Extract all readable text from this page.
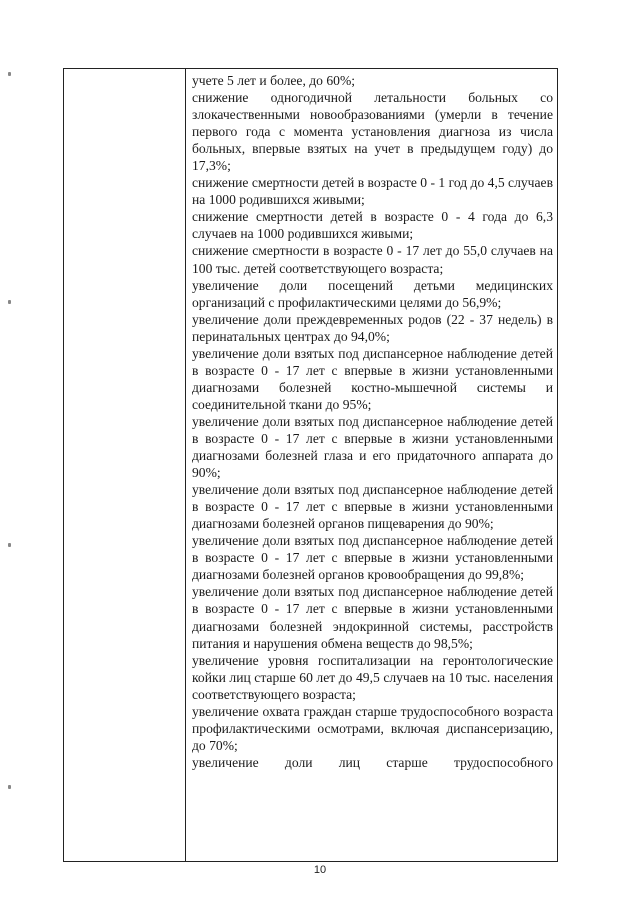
учете 5 лет и более, до 60%;

снижение одногодичной летальности больных со злокачественными новообразованиями (умерли в течение первого года с момента установления диагноза из числа больных, впервые взятых на учет в предыдущем году) до 17,3%;

снижение смертности детей в возрасте 0 - 1 год до 4,5 случаев на 1000 родившихся живыми;

снижение смертности детей в возрасте 0 - 4 года до 6,3 случаев на 1000 родившихся живыми;

снижение смертности в возрасте 0 - 17 лет до 55,0 случаев на 100 тыс. детей соответствующего возраста;

увеличение доли посещений детьми медицинских организаций с профилактическими целями до 56,9%;

увеличение доли преждевременных родов (22 - 37 недель) в перинатальных центрах до 94,0%;

увеличение доли взятых под диспансерное наблюдение детей в возрасте 0 - 17 лет с впервые в жизни установленными диагнозами болезней костно-мышечной системы и соединительной ткани до 95%;

увеличение доли взятых под диспансерное наблюдение детей в возрасте 0 - 17 лет с впервые в жизни установленными диагнозами болезней глаза и его придаточного аппарата до 90%;

увеличение доли взятых под диспансерное наблюдение детей в возрасте 0 - 17 лет с впервые в жизни установленными диагнозами болезней органов пищеварения до 90%;

увеличение доли взятых под диспансерное наблюдение детей в возрасте 0 - 17 лет с впервые в жизни установленными диагнозами болезней органов кровообращения до 99,8%;

увеличение доли взятых под диспансерное наблюдение детей в возрасте 0 - 17 лет с впервые в жизни установленными диагнозами болезней эндокринной системы, расстройств питания и нарушения обмена веществ до 98,5%;

увеличение уровня госпитализации на геронтологические койки лиц старше 60 лет до 49,5 случаев на 10 тыс. населения соответствующего возраста;

увеличение охвата граждан старше трудоспособного возраста профилактическими осмотрами, включая диспансеризацию, до 70%;

увеличение доли лиц старше трудоспособного

10
